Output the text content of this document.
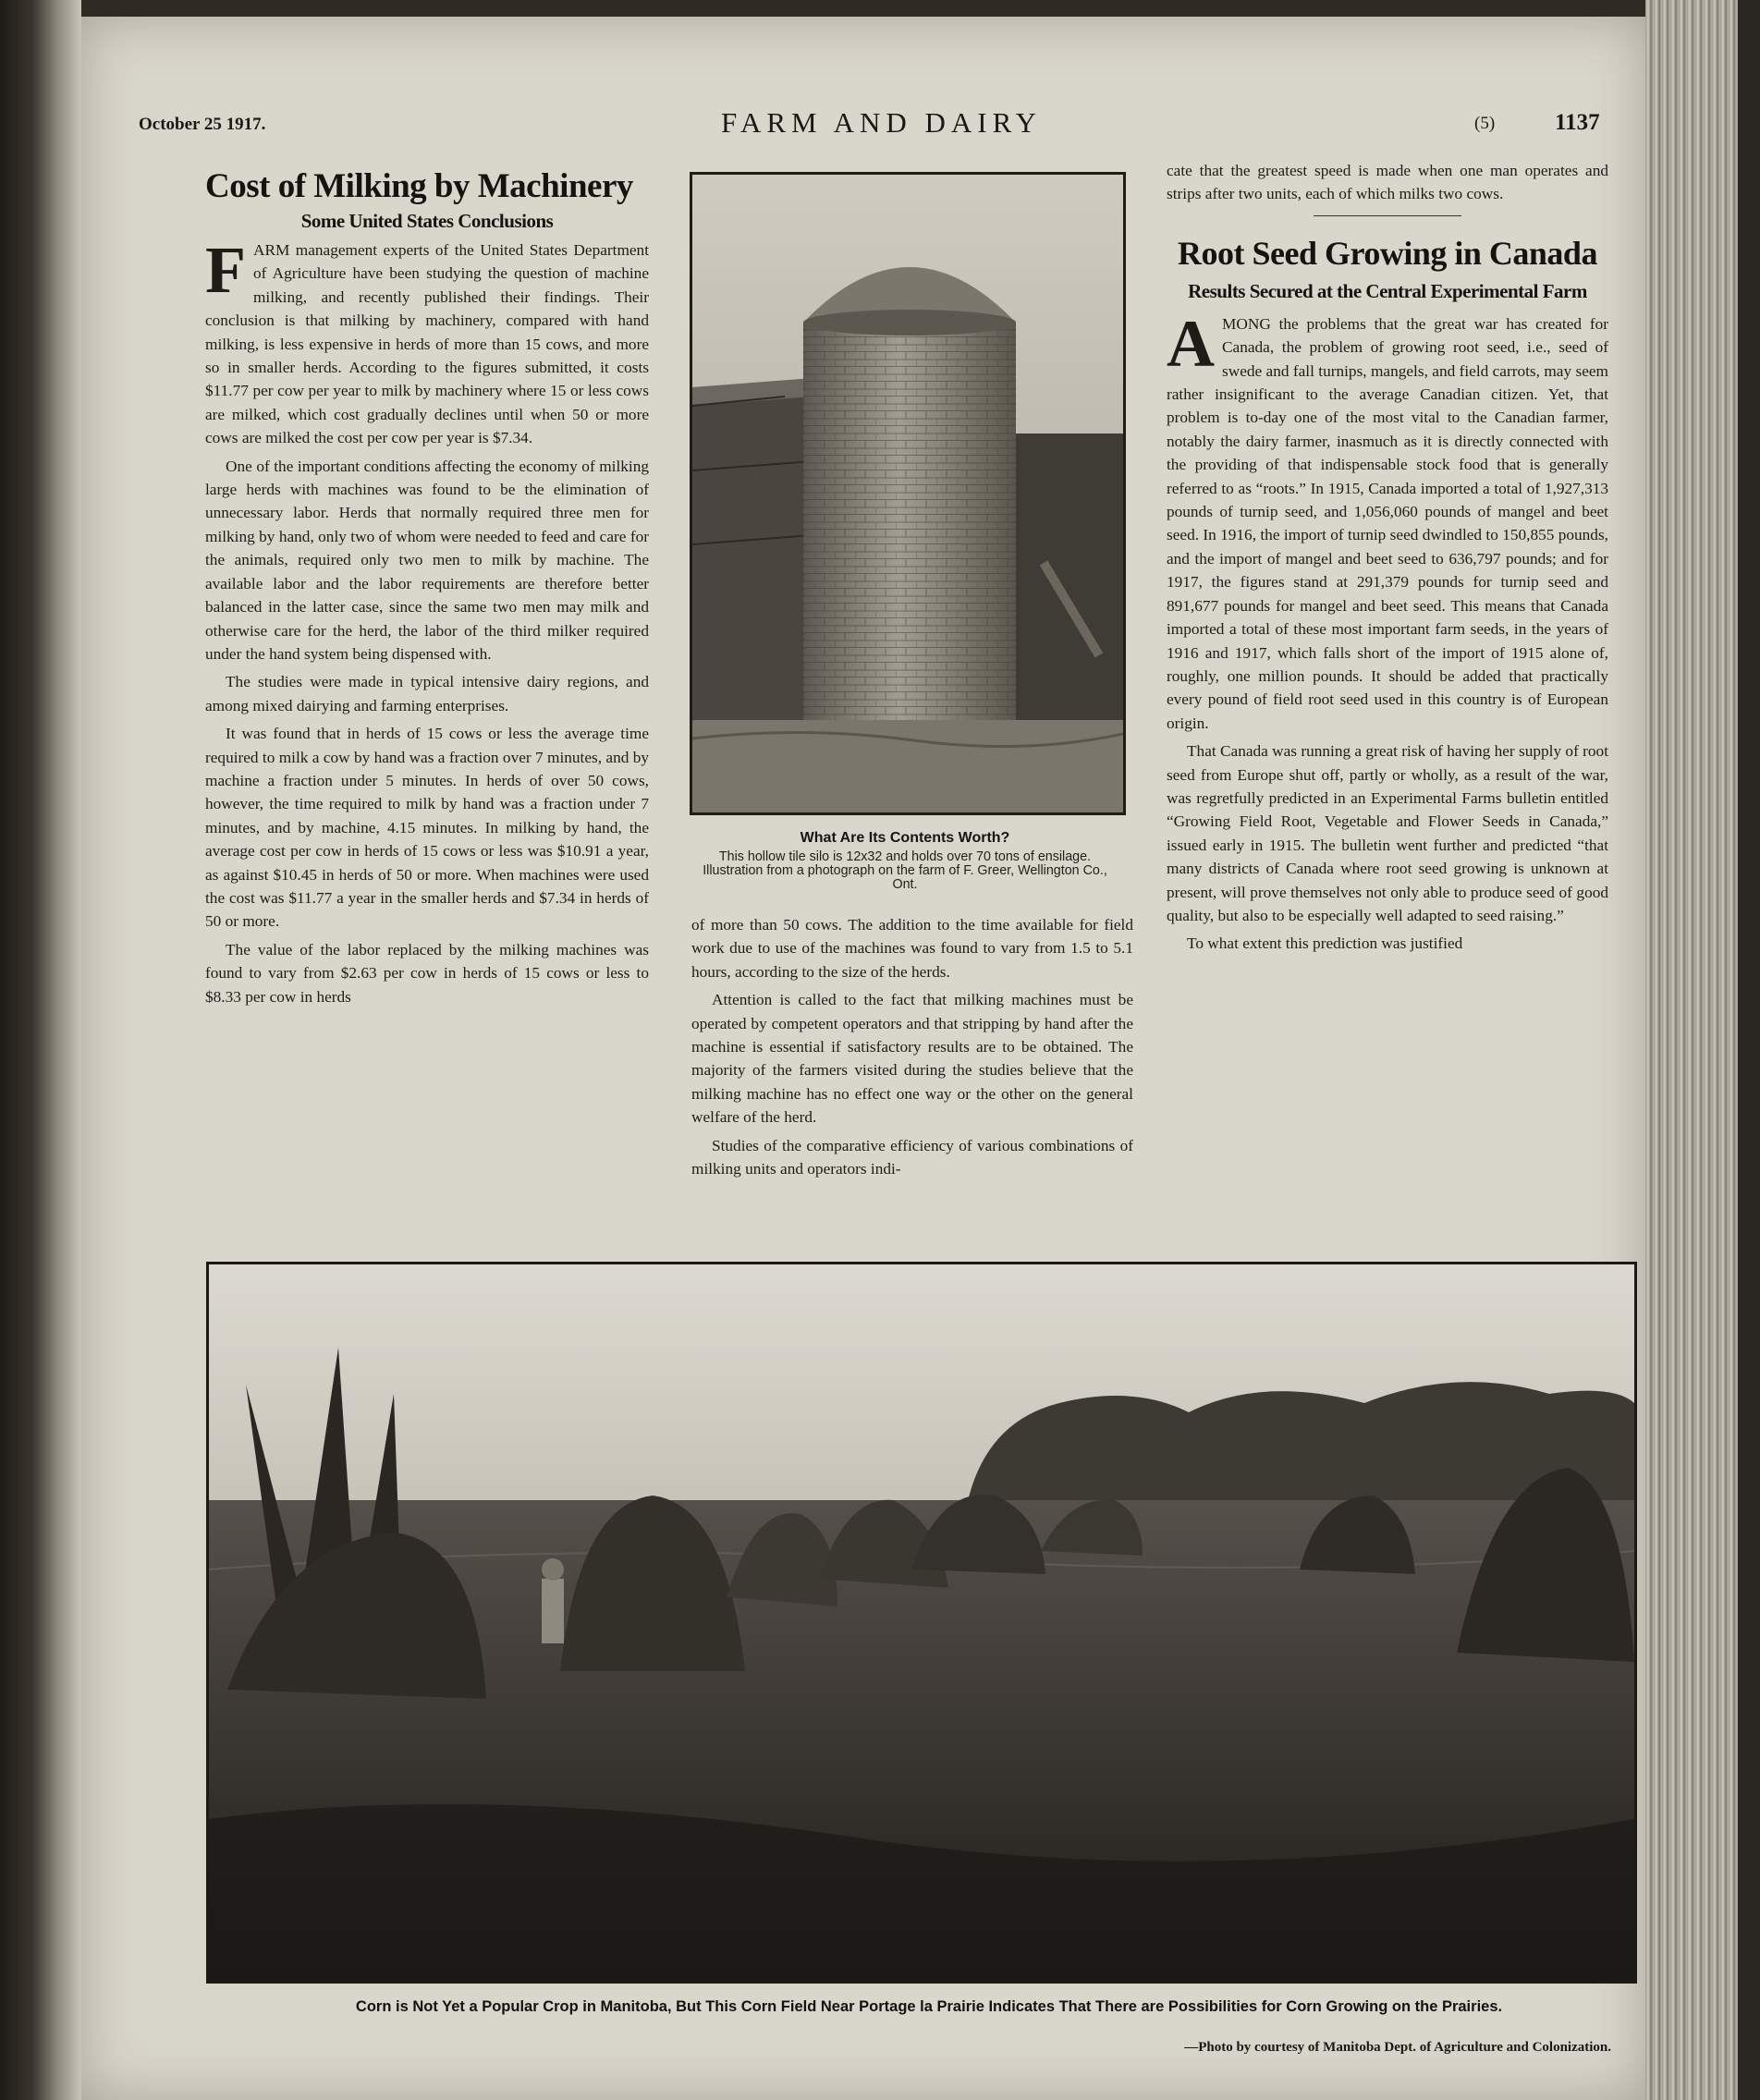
October 25 1917.	FARM AND DAIRY	(5)	1137
Cost of Milking by Machinery
Some United States Conclusions

FARM management experts of the United States Department of Agriculture have been studying the question of machine milking, and recently published their findings. Their conclusion is that milking by machinery, compared with hand milking, is less expensive in herds of more than 15 cows, and more so in smaller herds. According to the figures submitted, it costs $11.77 per cow per year to milk by machinery where 15 or less cows are milked, which cost gradually declines until when 50 or more cows are milked the cost per cow per year is $7.34.

One of the important conditions affecting the economy of milking large herds with machines was found to be the elimination of unnecessary labor. Herds that normally required three men for milking by hand, only two of whom were needed to feed and care for the animals, required only two men to milk by machine. The available labor and the labor requirements are therefore better balanced in the latter case, since the same two men may milk and otherwise care for the herd, the labor of the third milker required under the hand system being dispensed with.

The studies were made in typical intensive dairy regions, and among mixed dairying and farming enterprises.

It was found that in herds of 15 cows or less the average time required to milk a cow by hand was a fraction over 7 minutes, and by machine a fraction under 5 minutes. In herds of over 50 cows, however, the time required to milk by hand was a fraction under 7 minutes, and by machine, 4.15 minutes. In milking by hand, the average cost per cow in herds of 15 cows or less was $10.91 a year, as against $10.45 in herds of 50 or more. When machines were used the cost was $11.77 a year in the smaller herds and $7.34 in herds of 50 or more.

The value of the labor replaced by the milking machines was found to vary from $2.63 per cow in herds of 15 cows or less to $8.33 per cow in herds

What Are Its Contents Worth?
This hollow tile silo is 12x32 and holds over 70 tons of ensilage. Illustration from a photograph on the farm of F. Greer, Wellington Co., Ont.

of more than 50 cows. The addition to the time available for field work due to use of the machines was found to vary from 1.5 to 5.1 hours, according to the size of the herds.

Attention is called to the fact that milking machines must be operated by competent operators and that stripping by hand after the machine is essential if satisfactory results are to be obtained. The majority of the farmers visited during the studies believe that the milking machine has no effect one way or the other on the general welfare of the herd.

Studies of the comparative efficiency of various combinations of milking units and operators indi-

cate that the greatest speed is made when one man operates and strips after two units, each of which milks two cows.

Root Seed Growing in Canada
Results Secured at the Central Experimental Farm

AMONG the problems that the great war has created for Canada, the problem of growing root seed, i.e., seed of swede and fall turnips, mangels, and field carrots, may seem rather insignificant to the average Canadian citizen. Yet, that problem is to-day one of the most vital to the Canadian farmer, notably the dairy farmer, inasmuch as it is directly connected with the providing of that indispensable stock food that is generally referred to as “roots.” In 1915, Canada imported a total of 1,927,313 pounds of turnip seed, and 1,056,060 pounds of mangel and beet seed. In 1916, the import of turnip seed dwindled to 150,855 pounds, and the import of mangel and beet seed to 636,797 pounds; and for 1917, the figures stand at 291,379 pounds for turnip seed and 891,677 pounds for mangel and beet seed. This means that Canada imported a total of these most important farm seeds, in the years of 1916 and 1917, which falls short of the import of 1915 alone of, roughly, one million pounds. It should be added that practically every pound of field root seed used in this country is of European origin.

That Canada was running a great risk of having her supply of root seed from Europe shut off, partly or wholly, as a result of the war, was regretfully predicted in an Experimental Farms bulletin entitled “Growing Field Root, Vegetable and Flower Seeds in Canada,” issued early in 1915. The bulletin went further and predicted “that many districts of Canada where root seed growing is unknown at present, will prove themselves not only able to produce seed of good quality, but also to be especially well adapted to seed raising.”

To what extent this prediction was justified

Corn is Not Yet a Popular Crop in Manitoba, But This Corn Field Near Portage la Prairie Indicates That There are Possibilities for Corn Growing on the Prairies.
—Photo by courtesy of Manitoba Dept. of Agriculture and Colonization.
